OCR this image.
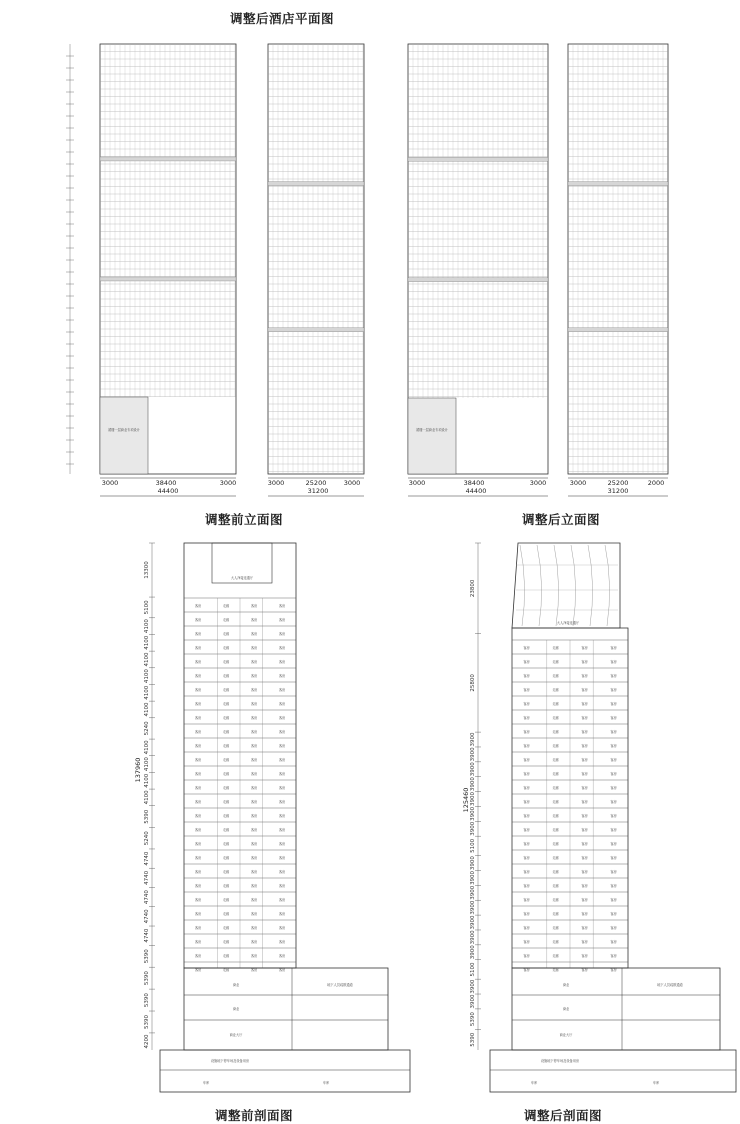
调整后酒店平面图
调整前立面图	调整后立面图
调整前剖面图	调整后剖面图
裙楼一层商业专项设计
3000	38400	3000
44400
3000	25200	3000
31200
裙楼一层商业专项设计
3000	38400	3000
44400
3000	25200	2000
31200
13300
5100
4100
4100
4100
4100
4100
4100
5240
4100
4100
4100
4100
5390
5240
4740
4740
4740
4740
4740
5390
5390
5390
5390
4200
137960
大人净接连通厅
客房	走廊	客房	客房
客房	走廊	客房	客房
客房	走廊	客房	客房
客房	走廊	客房	客房
客房	走廊	客房	客房
客房	走廊	客房	客房
客房	走廊	客房	客房
客房	走廊	客房	客房
客房	走廊	客房	客房
客房	走廊	客房	客房
客房	走廊	客房	客房
客房	走廊	客房	客房
客房	走廊	客房	客房
客房	走廊	客房	客房
客房	走廊	客房	客房
客房	走廊	客房	客房
客房	走廊	客房	客房
客房	走廊	客房	客房
客房	走廊	客房	客房
客房	走廊	客房	客房
客房	走廊	客房	客房
客房	走廊	客房	客房
客房	走廊	客房	客房
客房	走廊	客房	客房
客房	走廊	客房	客房
客房	走廊	客房	客房
客房	走廊	客房	客房
商业
商业
商业大厅
地下人员疏散通道
设施地下停车场及设备用房
车库	车库
23800
25800
3900
3900
3900
3900
3900
3900
3900
5100
3900
3900
3900
3900
3900
3900
3900
5100
3900
3900
5390
5390
125460
大人净接连通厅
客房	走廊	客房	客房
客房	走廊	客房	客房
客房	走廊	客房	客房
客房	走廊	客房	客房
客房	走廊	客房	客房
客房	走廊	客房	客房
客房	走廊	客房	客房
客房	走廊	客房	客房
客房	走廊	客房	客房
客房	走廊	客房	客房
客房	走廊	客房	客房
客房	走廊	客房	客房
客房	走廊	客房	客房
客房	走廊	客房	客房
客房	走廊	客房	客房
客房	走廊	客房	客房
客房	走廊	客房	客房
客房	走廊	客房	客房
客房	走廊	客房	客房
客房	走廊	客房	客房
客房	走廊	客房	客房
客房	走廊	客房	客房
客房	走廊	客房	客房
客房	走廊	客房	客房
商业
商业
商业大厅
地下人员疏散通道
设施地下停车场及设备用房
车库	车库
